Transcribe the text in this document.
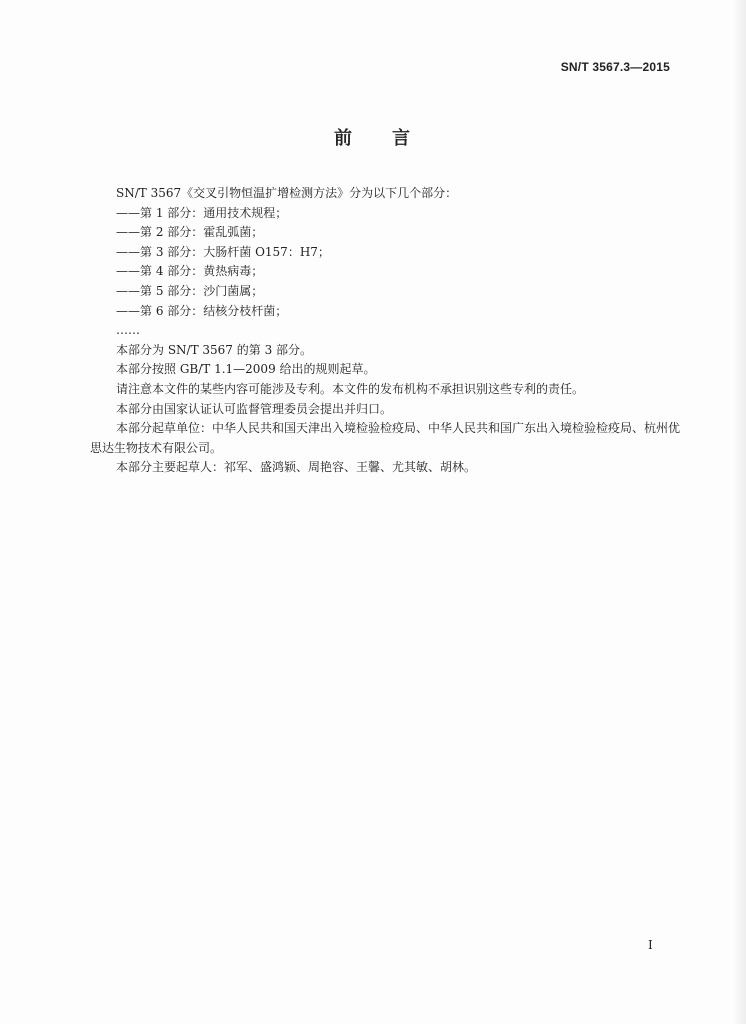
SN/T 3567.3—2015
前 言
SN/T 3567《交叉引物恒温扩增检测方法》分为以下几个部分：
——第 1 部分：通用技术规程；
——第 2 部分：霍乱弧菌；
——第 3 部分：大肠杆菌 O157：H7；
——第 4 部分：黄热病毒；
——第 5 部分：沙门菌属；
——第 6 部分：结核分枝杆菌；
……
本部分为 SN/T 3567 的第 3 部分。
本部分按照 GB/T 1.1—2009 给出的规则起草。
请注意本文件的某些内容可能涉及专利。本文件的发布机构不承担识别这些专利的责任。
本部分由国家认证认可监督管理委员会提出并归口。
本部分起草单位：中华人民共和国天津出入境检验检疫局、中华人民共和国广东出入境检验检疫局、杭州优思达生物技术有限公司。
本部分主要起草人：祁军、盛鸿颖、周艳容、王馨、尤其敏、胡林。
I
